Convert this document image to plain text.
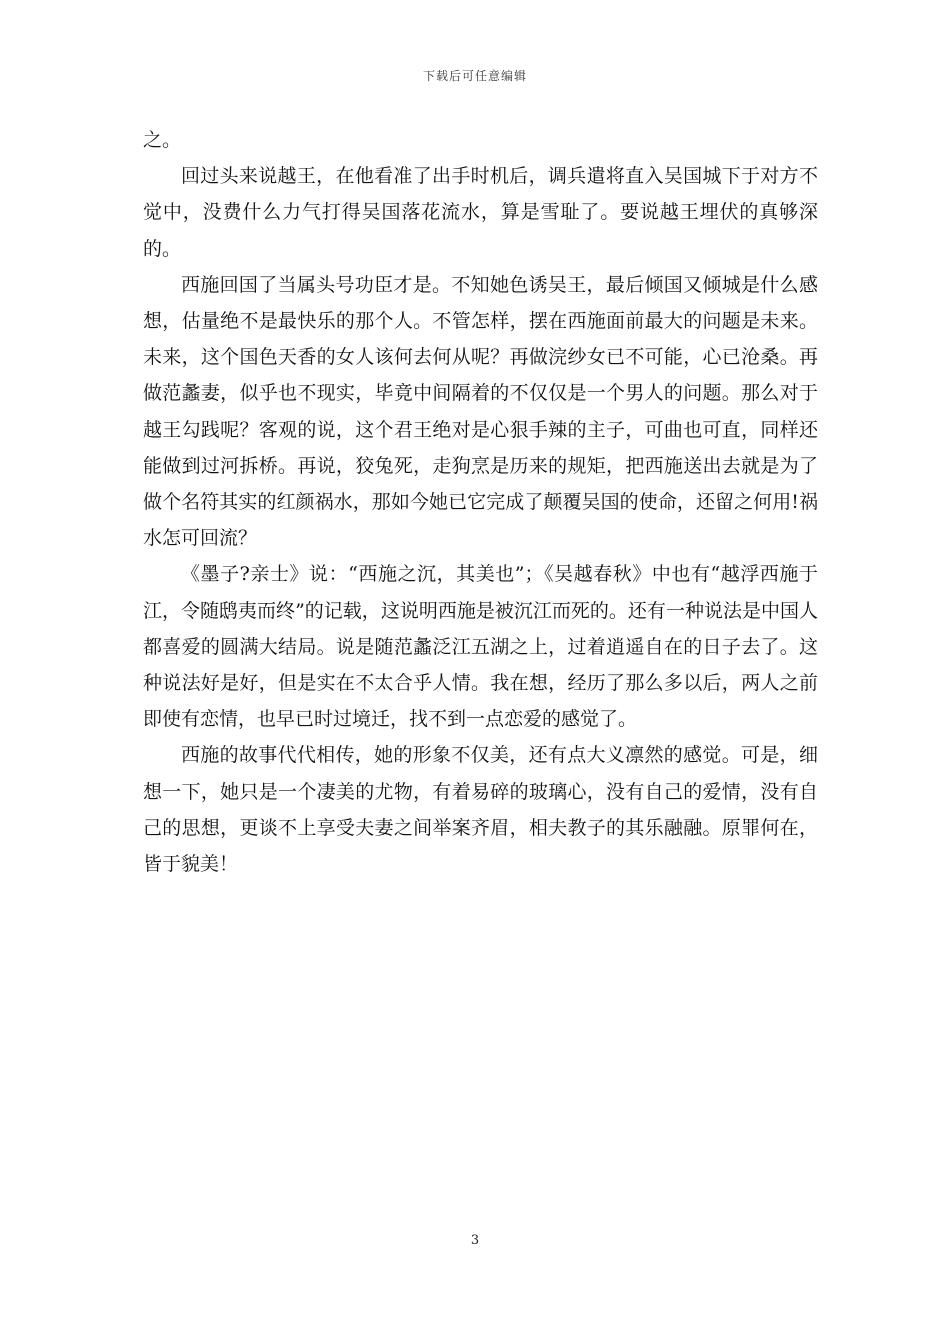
下载后可任意编辑

之。

回过头来说越王，在他看准了出手时机后，调兵遣将直入吴国城下于对方不觉中，没费什么力气打得吴国落花流水，算是雪耻了。要说越王埋伏的真够深的。

西施回国了当属头号功臣才是。不知她色诱吴王，最后倾国又倾城是什么感想，估量绝不是最快乐的那个人。不管怎样，摆在西施面前最大的问题是未来。未来，这个国色天香的女人该何去何从呢？再做浣纱女已不可能，心已沧桑。再做范蠡妻，似乎也不现实，毕竟中间隔着的不仅仅是一个男人的问题。那么对于越王勾践呢？客观的说，这个君王绝对是心狠手辣的主子，可曲也可直，同样还能做到过河拆桥。再说，狡兔死，走狗烹是历来的规矩，把西施送出去就是为了做个名符其实的红颜祸水，那如今她已它完成了颠覆吴国的使命，还留之何用!祸水怎可回流？

《墨子?亲士》说：“西施之沉，其美也”；《吴越春秋》中也有“越浮西施于江，令随鸱夷而终”的记载，这说明西施是被沉江而死的。还有一种说法是中国人都喜爱的圆满大结局。说是随范蠡泛江五湖之上，过着逍遥自在的日子去了。这种说法好是好，但是实在不太合乎人情。我在想，经历了那么多以后，两人之前即使有恋情，也早已时过境迁，找不到一点恋爱的感觉了。

西施的故事代代相传，她的形象不仅美，还有点大义凛然的感觉。可是，细想一下，她只是一个凄美的尤物，有着易碎的玻璃心，没有自己的爱情，没有自己的思想，更谈不上享受夫妻之间举案齐眉，相夫教子的其乐融融。原罪何在，皆于貌美！

3
